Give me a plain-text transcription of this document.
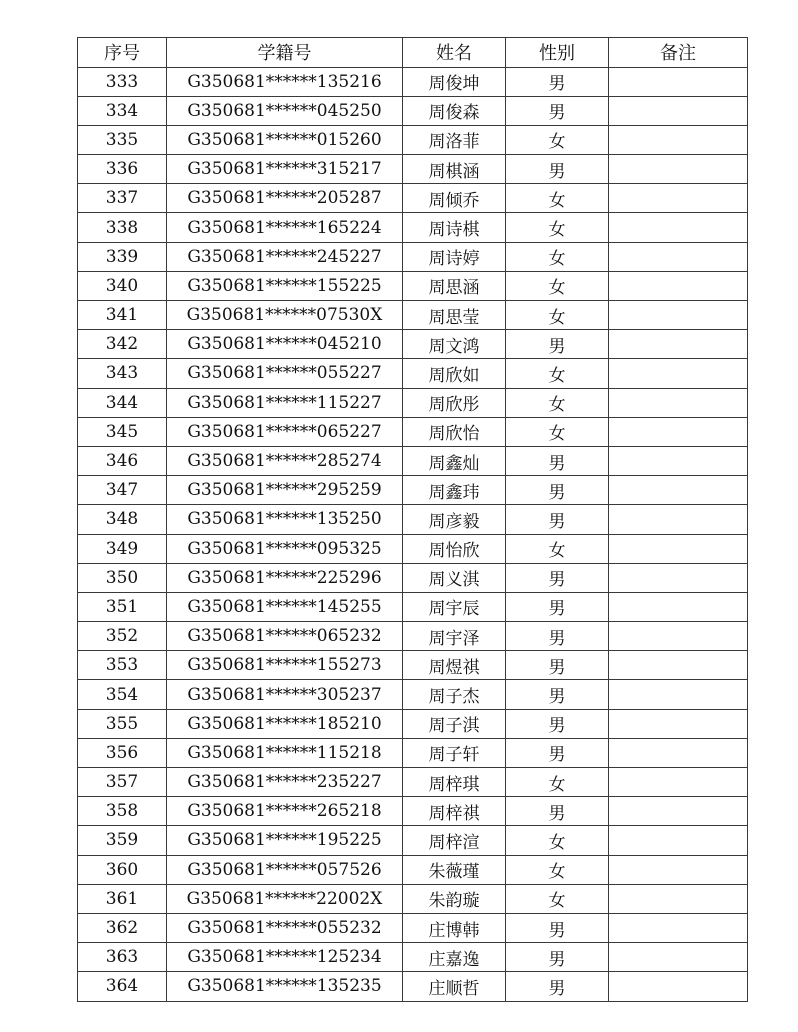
序号	学籍号	姓名	性别	备注
333	G350681******135216	周俊坤	男	
334	G350681******045250	周俊森	男	
335	G350681******015260	周洛菲	女	
336	G350681******315217	周棋涵	男	
337	G350681******205287	周倾乔	女	
338	G350681******165224	周诗棋	女	
339	G350681******245227	周诗婷	女	
340	G350681******155225	周思涵	女	
341	G350681******07530X	周思莹	女	
342	G350681******045210	周文鸿	男	
343	G350681******055227	周欣如	女	
344	G350681******115227	周欣彤	女	
345	G350681******065227	周欣怡	女	
346	G350681******285274	周鑫灿	男	
347	G350681******295259	周鑫玮	男	
348	G350681******135250	周彦毅	男	
349	G350681******095325	周怡欣	女	
350	G350681******225296	周义淇	男	
351	G350681******145255	周宇辰	男	
352	G350681******065232	周宇泽	男	
353	G350681******155273	周煜祺	男	
354	G350681******305237	周子杰	男	
355	G350681******185210	周子淇	男	
356	G350681******115218	周子轩	男	
357	G350681******235227	周梓琪	女	
358	G350681******265218	周梓祺	男	
359	G350681******195225	周梓渲	女	
360	G350681******057526	朱薇瑾	女	
361	G350681******22002X	朱韵璇	女	
362	G350681******055232	庄博韩	男	
363	G350681******125234	庄嘉逸	男	
364	G350681******135235	庄顺哲	男	
